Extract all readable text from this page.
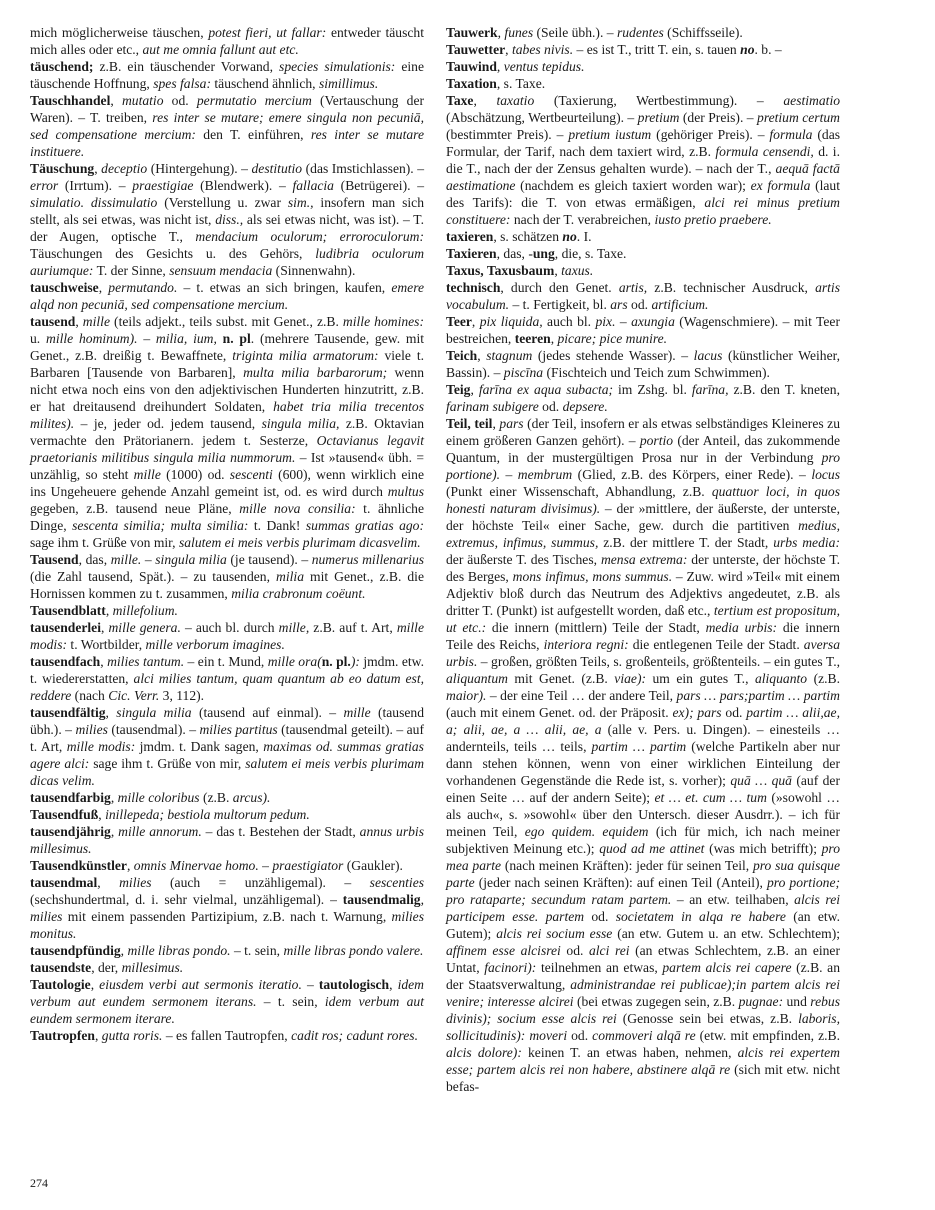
mich möglicherweise täuschen, potest fieri, ut fallar: entweder täuscht mich alles oder etc., aut me omnia fallunt aut etc.

täuschend; z.B. ein täuschender Vorwand, species simulationis: eine täuschende Hoffnung, spes falsa: täuschend ähnlich, simillimus.

Tauschhandel, mutatio od. permutatio mercium (Vertauschung der Waren). – T. treiben, res inter se mutare; emere singula non pecuniā, sed compensatione mercium: den T. einführen, res inter se mutare instituere.

Täuschung, deceptio (Hintergehung). – destitutio (das Imstichlassen). – error (Irrtum). – praestigiae (Blendwerk). – fallacia (Betrügerei). – simulatio. dissimulatio (Verstellung u. zwar sim., insofern man sich stellt, als sei etwas, was nicht ist, diss., als sei etwas nicht, was ist). – T. der Augen, optische T., mendacium oculorum; erroroculorum: Täuschungen des Gesichts u. des Gehörs, ludibria oculorum auriumque: T. der Sinne, sensuum mendacia (Sinnenwahn).

tauschweise, permutando. – t. etwas an sich bringen, kaufen, emere alqd non pecuniā, sed compensatione mercium.

tausend, mille (teils adjekt., teils subst. mit Genet., z.B. mille homines: u. mille hominum). – milia, ium, n. pl. (mehrere Tausende, gew. mit Genet., z.B. dreißig t. Bewaffnete, triginta milia armatorum: viele t. Barbaren [Tausende von Barbaren], multa milia barbarorum; wenn nicht etwa noch eins von den adjektivischen Hunderten hinzutritt, z.B. er hat dreitausend dreihundert Soldaten, habet tria milia trecentos milites). – je, jeder od. jedem tausend, singula milia, z.B. Oktavian vermachte den Prätorianern. jedem t. Sesterze, Octavianus legavit praetorianis militibus singula milia nummorum. – Ist »tausend« übh. = unzählig, so steht mille (1000) od. sescenti (600), wenn wirklich eine ins Ungeheuere gehende Anzahl gemeint ist, od. es wird durch multus gegeben, z.B. tausend neue Pläne, mille nova consilia: t. ähnliche Dinge, sescenta similia; multa similia: t. Dank! summas gratias ago: sage ihm t. Grüße von mir, salutem ei meis verbis plurimam dicasvelim.

Tausend, das, mille. – singula milia (je tausend). – numerus millenarius (die Zahl tausend, Spät.). – zu tausenden, milia mit Genet., z.B. die Hornissen kommen zu t. zusammen, milia crabronum coëunt.

Tausendblatt, millefolium.

tausenderlei, mille genera. – auch bl. durch mille, z.B. auf t. Art, mille modis: t. Wortbilder, mille verborum imagines.

tausendfach, milies tantum. – ein t. Mund, mille ora(n. pl.): jmdm. etw. t. wiedererstatten, alci milies tantum, quam quantum ab eo datum est, reddere (nach Cic. Verr. 3, 112).

tausendfältig, singula milia (tausend auf einmal). – mille (tausend übh.). – milies (tausendmal). – milies partitus (tausendmal geteilt). – auf t. Art, mille modis: jmdm. t. Dank sagen, maximas od. summas gratias agere alci: sage ihm t. Grüße von mir, salutem ei meis verbis plurimam dicas velim.

tausendfarbig, mille coloribus (z.B. arcus).

Tausendfuß, inillepeda; bestiola multorum pedum.

tausendjährig, mille annorum. – das t. Bestehen der Stadt, annus urbis millesimus.

Tausendkünstler, omnis Minervae homo. – praestigiator (Gaukler).

tausendmal, milies (auch = unzähligemal). – sescenties (sechshundertmal, d. i. sehr vielmal, unzähligemal). – tausendmalig, milies mit einem passenden Partizipium, z.B. nach t. Warnung, milies monitus.

tausendpfündig, mille libras pondo. – t. sein, mille libras pondo valere.

tausendste, der, millesimus.

Tautologie, eiusdem verbi aut sermonis iteratio. – tautologisch, idem verbum aut eundem sermonem iterans. – t. sein, idem verbum aut eundem sermonem iterare.

Tautropfen, gutta roris. – es fallen Tautropfen, cadit ros; cadunt rores.

Tauwerk, funes (Seile übh.). – rudentes (Schiffsseile).

Tauwetter, tabes nivis. – es ist T., tritt T. ein, s. tauen no. b. –

Tauwind, ventus tepidus.

Taxation, s. Taxe.

Taxe, taxatio (Taxierung, Wertbestimmung). – aestimatio (Abschätzung, Wertbeurteilung). – pretium (der Preis). – pretium certum (bestimmter Preis). – pretium iustum (gehöriger Preis). – formula (das Formular, der Tarif, nach dem taxiert wird, z.B. formula censendi, d. i. die T., nach der der Zensus gehalten wurde). – nach der T., aequā factā aestimatione (nachdem es gleich taxiert worden war); ex formula (laut des Tarifs): die T. von etwas ermäßigen, alci rei minus pretium constituere: nach der T. verabreichen, iusto pretio praebere.

taxieren, s. schätzen no. I.

Taxieren, das, -ung, die, s. Taxe.

Taxus, Taxusbaum, taxus.

technisch, durch den Genet. artis, z.B. technischer Ausdruck, artis vocabulum. – t. Fertigkeit, bl. ars od. artificium.

Teer, pix liquida, auch bl. pix. – axungia (Wagenschmiere). – mit Teer bestreichen, teeren, picare; pice munire.

Teich, stagnum (jedes stehende Wasser). – lacus (künstlicher Weiher, Bassin). – piscīna (Fischteich und Teich zum Schwimmen).

Teig, farīna ex aqua subacta; im Zshg. bl. farīna, z.B. den T. kneten, farinam subigere od. depsere.

Teil, teil, pars (der Teil, insofern er als etwas selbständiges Kleineres zu einem größeren Ganzen gehört). – portio (der Anteil, das zukommende Quantum, in der mustergültigen Prosa nur in der Verbindung pro portione). – membrum (Glied, z.B. des Körpers, einer Rede). – locus (Punkt einer Wissenschaft, Abhandlung, z.B. quattuor loci, in quos honesti naturam divisimus). – der »mittlere, der äußerste, der unterste, der höchste Teil« einer Sache, gew. durch die partitiven medius, extremus, infimus, summus, z.B. der mittlere T. der Stadt, urbs media: der äußerste T. des Tisches, mensa extrema: der unterste, der höchste T. des Berges, mons infimus, mons summus. – Zuw. wird »Teil« mit einem Adjektiv bloß durch das Neutrum des Adjektivs angedeutet, z.B. als dritter T. (Punkt) ist aufgestellt worden, daß etc., tertium est propositum, ut etc.: die innern (mittlern) Teile der Stadt, media urbis: die innern Teile des Reichs, interiora regni: die entlegenen Teile der Stadt. aversa urbis. – großen, größten Teils, s. großenteils, größtenteils. – ein gutes T., aliquantum mit Genet. (z.B. viae): um ein gutes T., aliquanto (z.B. maior). – der eine Teil … der andere Teil, pars … pars;partim … partim (auch mit einem Genet. od. der Präposit. ex); pars od. partim … alii,ae, a; alii, ae, a … alii, ae, a (alle v. Pers. u. Dingen). – einesteils … andernteils, teils … teils, partim … partim (welche Partikeln aber nur dann stehen können, wenn von einer wirklichen Einteilung der vorhandenen Gegenstände die Rede ist, s. vorher); quā … quā (auf der einen Seite … auf der andern Seite); et … et. cum … tum (»sowohl … als auch«, s. »sowohl« über den Untersch. dieser Ausdrr.). – ich für meinen Teil, ego quidem. equidem (ich für mich, ich nach meiner subjektiven Meinung etc.); quod ad me attinet (was mich betrifft); pro mea parte (nach meinen Kräften): jeder für seinen Teil, pro sua quisque parte (jeder nach seinen Kräften): auf einen Teil (Anteil), pro portione; pro rataparte; secundum ratam partem. – an etw. teilhaben, alcis rei participem esse. partem od. societatem in alqa re habere (an etw. Gutem); alcis rei socium esse (an etw. Gutem u. an etw. Schlechtem); affinem esse alcisrei od. alci rei (an etwas Schlechtem, z.B. an einer Untat, facinori): teilnehmen an etwas, partem alcis rei capere (z.B. an der Staatsverwaltung, administrandae rei publicae);in partem alcis rei venire; interesse alcirei (bei etwas zugegen sein, z.B. pugnae: und rebus divinis); socium esse alcis rei (Genosse sein bei etwas, z.B. laboris, sollicitudinis): moveri od. commoveri alqā re (etw. mit empfinden, z.B. alcis dolore): keinen T. an etwas haben, nehmen, alcis rei expertem esse; partem alcis rei non habere, abstinere alqā re (sich mit etw. nicht befas-

274
